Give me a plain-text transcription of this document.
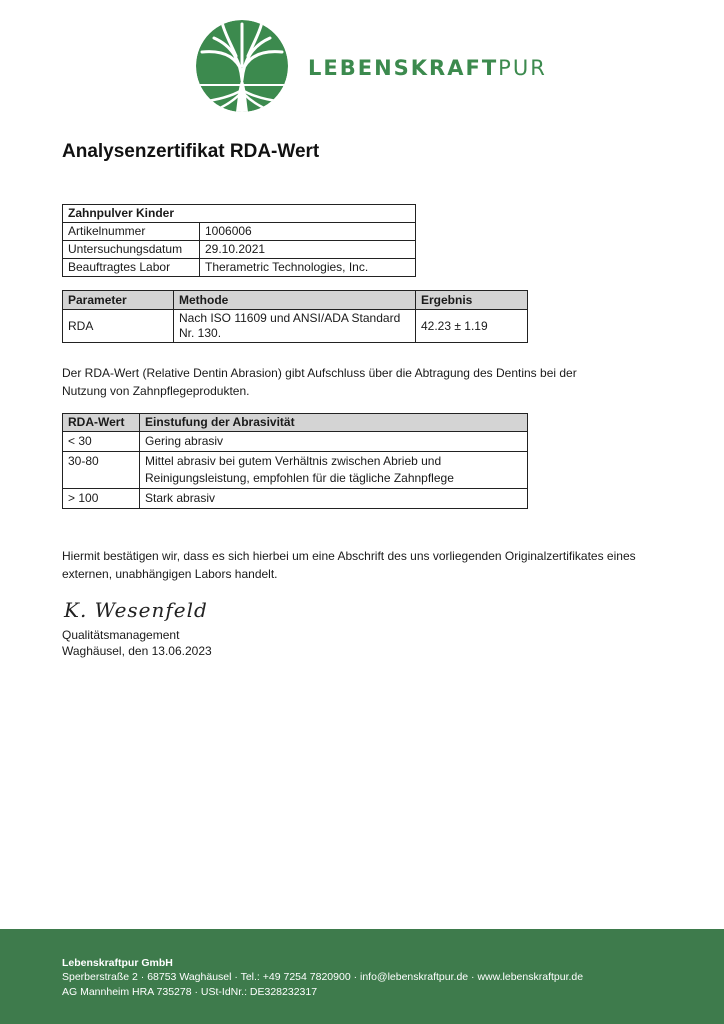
LEBENSKRAFTPUR
Analysenzertifikat RDA-Wert
Zahnpulver Kinder	
Artikelnummer	1006006
Untersuchungsdatum	29.10.2021
Beauftragtes Labor	Therametric Technologies, Inc.
Parameter	Methode	Ergebnis
RDA	Nach ISO 11609 und ANSI/ADA Standard Nr. 130.	42.23 ± 1.19

Der RDA-Wert (Relative Dentin Abrasion) gibt Aufschluss über die Abtragung des Dentins bei der Nutzung von Zahnpflegeprodukten.

RDA-Wert	Einstufung der Abrasivität
< 30	Gering abrasiv
30-80	Mittel abrasiv bei gutem Verhältnis zwischen Abrieb und Reinigungsleistung, empfohlen für die tägliche Zahnpflege
> 100	Stark abrasiv

Hiermit bestätigen wir, dass es sich hierbei um eine Abschrift des uns vorliegenden Originalzertifikates eines externen, unabhängigen Labors handelt.

K. Wesenfeld
Qualitätsmanagement
Waghäusel, den 13.06.2023
Lebenskraftpur GmbH
Sperberstraße 2 · 68753 Waghäusel · Tel.: +49 7254 7820900 · info@lebenskraftpur.de · www.lebenskraftpur.de
AG Mannheim HRA 735278 · USt-IdNr.: DE328232317
